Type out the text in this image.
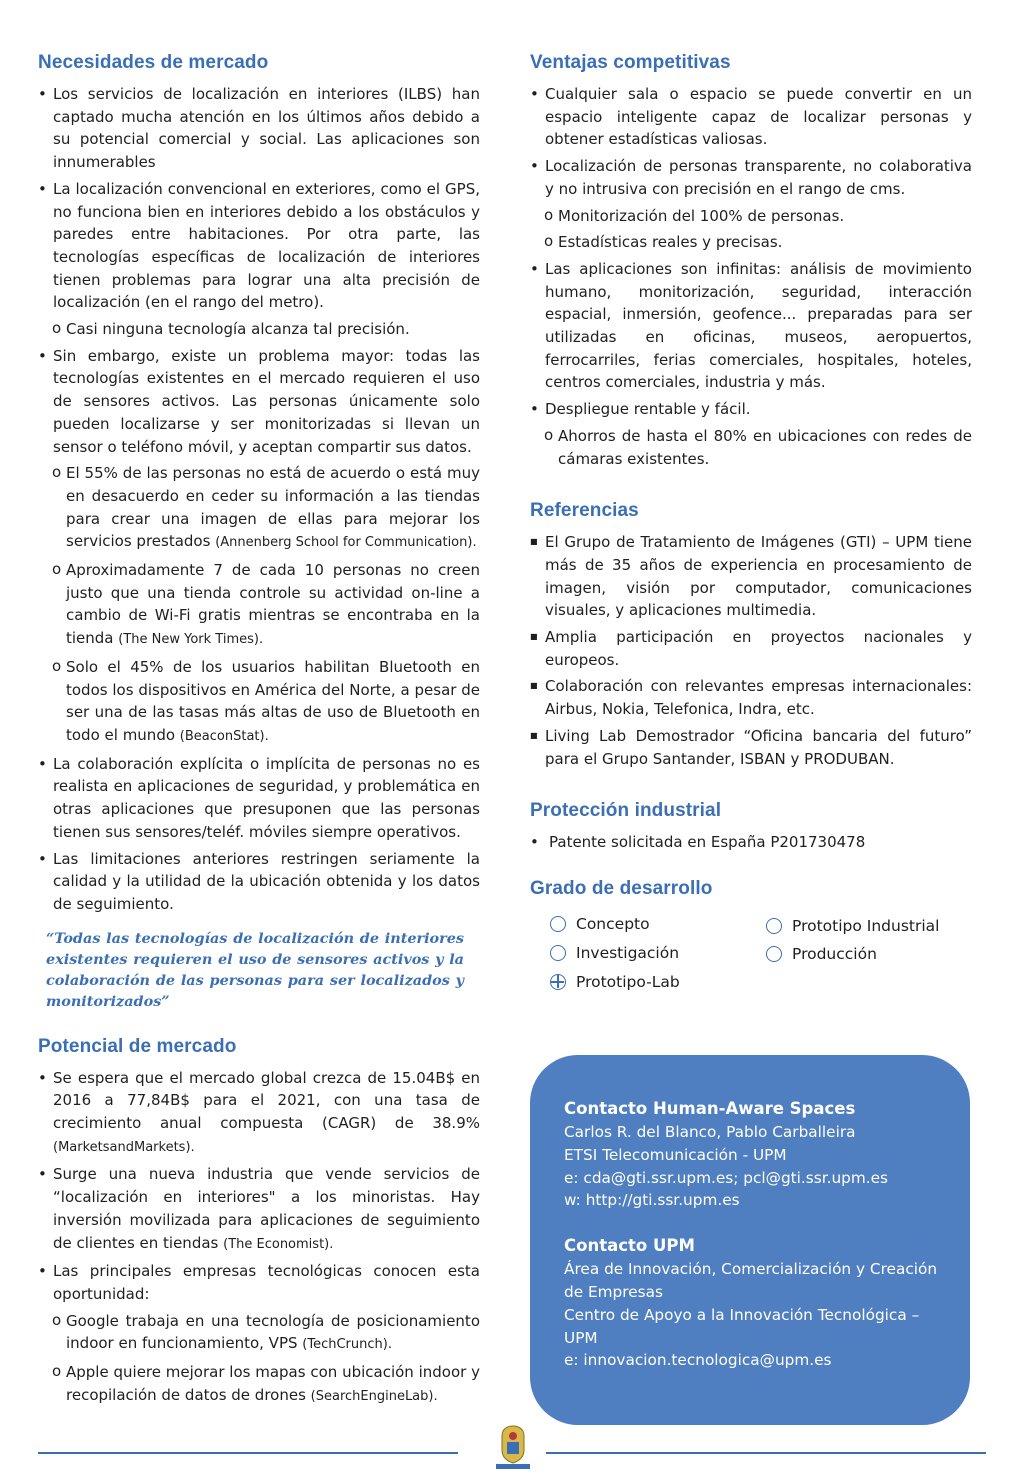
Necesidades de mercado
• Los servicios de localización en interiores (ILBS) han captado mucha atención en los últimos años debido a su potencial comercial y social. Las aplicaciones son innumerables
• La localización convencional en exteriores, como el GPS, no funciona bien en interiores debido a los obstáculos y paredes entre habitaciones. Por otra parte, las tecnologías específicas de localización de interiores tienen problemas para lograr una alta precisión de localización (en el rango del metro).
o Casi ninguna tecnología alcanza tal precisión.
• Sin embargo, existe un problema mayor: todas las tecnologías existentes en el mercado requieren el uso de sensores activos. Las personas únicamente solo pueden localizarse y ser monitorizadas si llevan un sensor o teléfono móvil, y aceptan compartir sus datos.
o El 55% de las personas no está de acuerdo o está muy en desacuerdo en ceder su información a las tiendas para crear una imagen de ellas para mejorar los servicios prestados (Annenberg School for Communication).
o Aproximadamente 7 de cada 10 personas no creen justo que una tienda controle su actividad on-line a cambio de Wi-Fi gratis mientras se encontraba en la tienda (The New York Times).
o Solo el 45% de los usuarios habilitan Bluetooth en todos los dispositivos en América del Norte, a pesar de ser una de las tasas más altas de uso de Bluetooth en todo el mundo (BeaconStat).
• La colaboración explícita o implícita de personas no es realista en aplicaciones de seguridad, y problemática en otras aplicaciones que presuponen que las personas tienen sus sensores/teléf. móviles siempre operativos.
• Las limitaciones anteriores restringen seriamente la calidad y la utilidad de la ubicación obtenida y los datos de seguimiento.
“Todas las tecnologías de localización de interiores existentes requieren el uso de sensores activos y la colaboración de las personas para ser localizados y monitorizados”
Potencial de mercado
• Se espera que el mercado global crezca de 15.04B$ en 2016 a 77,84B$ para el 2021, con una tasa de crecimiento anual compuesta (CAGR) de 38.9% (MarketsandMarkets).
• Surge una nueva industria que vende servicios de “localización en interiores" a los minoristas. Hay inversión movilizada para aplicaciones de seguimiento de clientes en tiendas (The Economist).
• Las principales empresas tecnológicas conocen esta oportunidad:
o Google trabaja en una tecnología de posicionamiento indoor en funcionamiento, VPS (TechCrunch).
o Apple quiere mejorar los mapas con ubicación indoor y recopilación de datos de drones (SearchEngineLab).
Ventajas competitivas
• Cualquier sala o espacio se puede convertir en un espacio inteligente capaz de localizar personas y obtener estadísticas valiosas.
• Localización de personas transparente, no colaborativa y no intrusiva con precisión en el rango de cms.
o Monitorización del 100% de personas.
o Estadísticas reales y precisas.
• Las aplicaciones son infinitas: análisis de movimiento humano, monitorización, seguridad, interacción espacial, inmersión, geofence... preparadas para ser utilizadas en oficinas, museos, aeropuertos, ferrocarriles, ferias comerciales, hospitales, hoteles, centros comerciales, industria y más.
• Despliegue rentable y fácil.
o Ahorros de hasta el 80% en ubicaciones con redes de cámaras existentes.
Referencias
■ El Grupo de Tratamiento de Imágenes (GTI) – UPM tiene más de 35 años de experiencia en procesamiento de imagen, visión por computador, comunicaciones visuales, y aplicaciones multimedia.
■ Amplia participación en proyectos nacionales y europeos.
■ Colaboración con relevantes empresas internacionales: Airbus, Nokia, Telefonica, Indra, etc.
■ Living Lab Demostrador “Oficina bancaria del futuro” para el Grupo Santander, ISBAN y PRODUBAN.
Protección industrial
• Patente solicitada en España P201730478
Grado de desarrollo
Concepto
Investigación
Prototipo-Lab
Prototipo Industrial
Producción
Contacto Human-Aware Spaces
Carlos R. del Blanco, Pablo Carballeira
ETSI Telecomunicación - UPM
e: cda@gti.ssr.upm.es; pcl@gti.ssr.upm.es
w: http://gti.ssr.upm.es
Contacto UPM
Área de Innovación, Comercialización y Creación de Empresas
Centro de Apoyo a la Innovación Tecnológica – UPM
e: innovacion.tecnologica@upm.es
